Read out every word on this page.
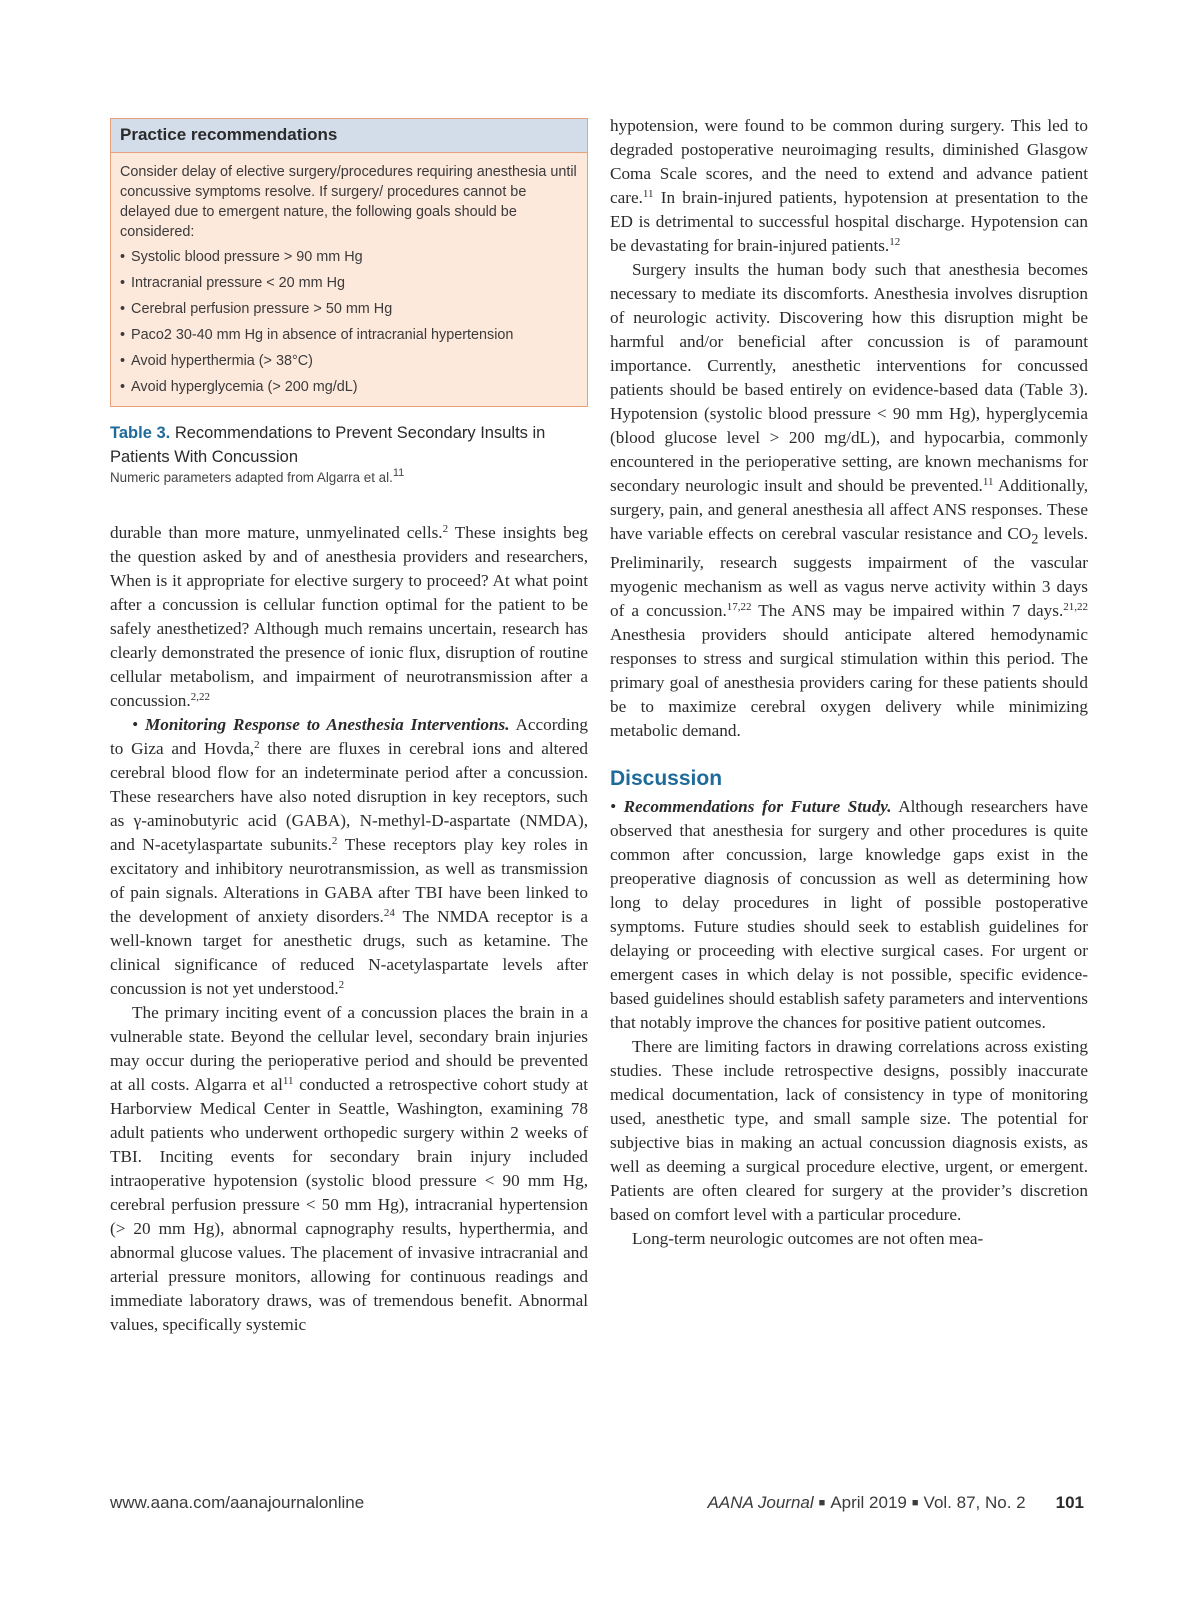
Practice recommendations
Consider delay of elective surgery/procedures requiring anesthesia until concussive symptoms resolve. If surgery/ procedures cannot be delayed due to emergent nature, the following goals should be considered:
• Systolic blood pressure > 90 mm Hg
• Intracranial pressure < 20 mm Hg
• Cerebral perfusion pressure > 50 mm Hg
• Paco2 30-40 mm Hg in absence of intracranial hypertension
• Avoid hyperthermia (> 38°C)
• Avoid hyperglycemia (> 200 mg/dL)
Table 3. Recommendations to Prevent Secondary Insults in Patients With Concussion
Numeric parameters adapted from Algarra et al.$^{11}$

durable than more mature, unmyelinated cells.$^2$ These insights beg the question asked by and of anesthesia providers and researchers, When is it appropriate for elective surgery to proceed? At what point after a concussion is cellular function optimal for the patient to be safely anesthetized? Although much remains uncertain, research has clearly demonstrated the presence of ionic flux, disruption of routine cellular metabolism, and impairment of neurotransmission after a concussion.$^{2,22}$

• Monitoring Response to Anesthesia Interventions. According to Giza and Hovda,$^2$ there are fluxes in cerebral ions and altered cerebral blood flow for an indeterminate period after a concussion. These researchers have also noted disruption in key receptors, such as γ-aminobutyric acid (GABA), N-methyl-D-aspartate (NMDA), and N-acetylaspartate subunits.$^2$ These receptors play key roles in excitatory and inhibitory neurotransmission, as well as transmission of pain signals. Alterations in GABA after TBI have been linked to the development of anxiety disorders.$^{24}$ The NMDA receptor is a well-known target for anesthetic drugs, such as ketamine. The clinical significance of reduced N-acetylaspartate levels after concussion is not yet understood.$^2$

The primary inciting event of a concussion places the brain in a vulnerable state. Beyond the cellular level, secondary brain injuries may occur during the perioperative period and should be prevented at all costs. Algarra et $al^{11}$ conducted a retrospective cohort study at Harborview Medical Center in Seattle, Washington, examining 78 adult patients who underwent orthopedic surgery within 2 weeks of TBI. Inciting events for secondary brain injury included intraoperative hypotension (systolic blood pressure < 90 mm Hg, cerebral perfusion pressure < 50 mm Hg), intracranial hypertension (> 20 mm Hg), abnormal capnography results, hyperthermia, and abnormal glucose values. The placement of invasive intracranial and arterial pressure monitors, allowing for continuous readings and immediate laboratory draws, was of tremendous benefit. Abnormal values, specifically systemic

hypotension, were found to be common during surgery. This led to degraded postoperative neuroimaging results, diminished Glasgow Coma Scale scores, and the need to extend and advance patient care.$^{11}$ In brain-injured patients, hypotension at presentation to the ED is detrimental to successful hospital discharge. Hypotension can be devastating for brain-injured patients.$^{12}$

Surgery insults the human body such that anesthesia becomes necessary to mediate its discomforts. Anesthesia involves disruption of neurologic activity. Discovering how this disruption might be harmful and/or beneficial after concussion is of paramount importance. Currently, anesthetic interventions for concussed patients should be based entirely on evidence-based data (Table 3). Hypotension (systolic blood pressure < 90 mm Hg), hyperglycemia (blood glucose level > 200 mg/dL), and hypocarbia, commonly encountered in the perioperative setting, are known mechanisms for secondary neurologic insult and should be prevented.$^{11}$ Additionally, surgery, pain, and general anesthesia all affect ANS responses. These have variable effects on cerebral vascular resistance and $CO_2$ levels. Preliminarily, research suggests impairment of the vascular myogenic mechanism as well as vagus nerve activity within 3 days of a concussion.$^{17,22}$ The ANS may be impaired within 7 days.$^{21,22}$ Anesthesia providers should anticipate altered hemodynamic responses to stress and surgical stimulation within this period. The primary goal of anesthesia providers caring for these patients should be to maximize cerebral oxygen delivery while minimizing metabolic demand.

Discussion

• Recommendations for Future Study. Although researchers have observed that anesthesia for surgery and other procedures is quite common after concussion, large knowledge gaps exist in the preoperative diagnosis of concussion as well as determining how long to delay procedures in light of possible postoperative symptoms. Future studies should seek to establish guidelines for delaying or proceeding with elective surgical cases. For urgent or emergent cases in which delay is not possible, specific evidence-based guidelines should establish safety parameters and interventions that notably improve the chances for positive patient outcomes.

There are limiting factors in drawing correlations across existing studies. These include retrospective designs, possibly inaccurate medical documentation, lack of consistency in type of monitoring used, anesthetic type, and small sample size. The potential for subjective bias in making an actual concussion diagnosis exists, as well as deeming a surgical procedure elective, urgent, or emergent. Patients are often cleared for surgery at the provider’s discretion based on comfort level with a particular procedure.

Long-term neurologic outcomes are not often mea-

www.aana.com/aanajournalonline	AANA Journal ■ April 2019 ■ Vol. 87, No. 2 101
